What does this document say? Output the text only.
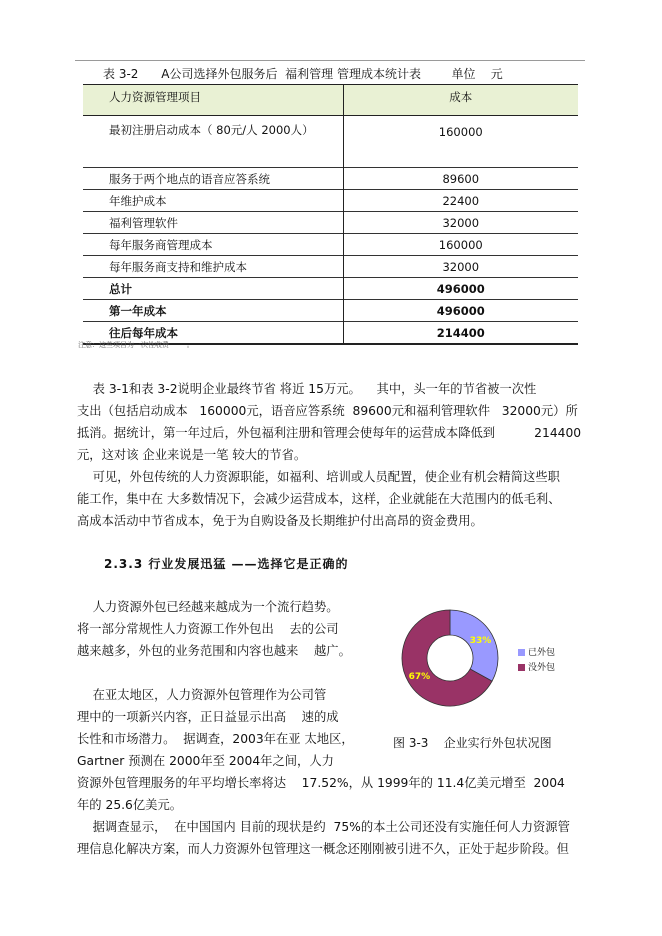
表 3-2      A公司选择外包服务后  福利管理 管理成本统计表        单位    元
人力资源管理项目	成本
最初注册启动成本（ 80元/人 2000人）	160000
服务于两个地点的语音应答系统	89600
年维护成本	22400
福利管理软件	32000
每年服务商管理成本	160000
每年服务商支持和维护成本	32000
总计	496000
第一年成本	496000
往后每年成本	214400
注意：这些项目为一次性收费        。
表 3-1和表 3-2说明企业最终节省 将近 15万元。    其中，头一年的节省被一次性
支出（包括启动成本   160000元，语音应答系统  89600元和福利管理软件   32000元）所
抵消。据统计，第一年过后，外包福利注册和管理会使每年的运营成本降低到          214400
元，这对该 企业来说是一笔 较大的节省。
可见，外包传统的人力资源职能，如福利、培训或人员配置，使企业有机会精简这些职
能工作，集中在 大多数情况下，会减少运营成本，这样，企业就能在大范围内的低毛利、
高成本活动中节省成本，免于为自购设备及长期维护付出高昂的资金费用。
2.3.3 行业发展迅猛 ——选择它是正确的
人力资源外包已经越来越成为一个流行趋势。
将一部分常规性人力资源工作外包出    去的公司
越来越多，外包的业务范围和内容也越来    越广。
在亚太地区，人力资源外包管理作为公司管
理中的一项新兴内容，正日益显示出高    速的成
长性和市场潜力。  据调查，2003年在亚 太地区，
Gartner 预测在 2000年至 2004年之间，人力
资源外包管理服务的年平均增长率将达    17.52%，从 1999年的 11.4亿美元增至  2004
年的 25.6亿美元。
据调查显示，  在中国国内 目前的现状是约  75%的本土公司还没有实施任何人力资源管
理信息化解决方案，而人力资源外包管理这一概念还刚刚被引进不久，正处于起步阶段。但
33%
67%
已外包
没外包
图 3-3    企业实行外包状况图
